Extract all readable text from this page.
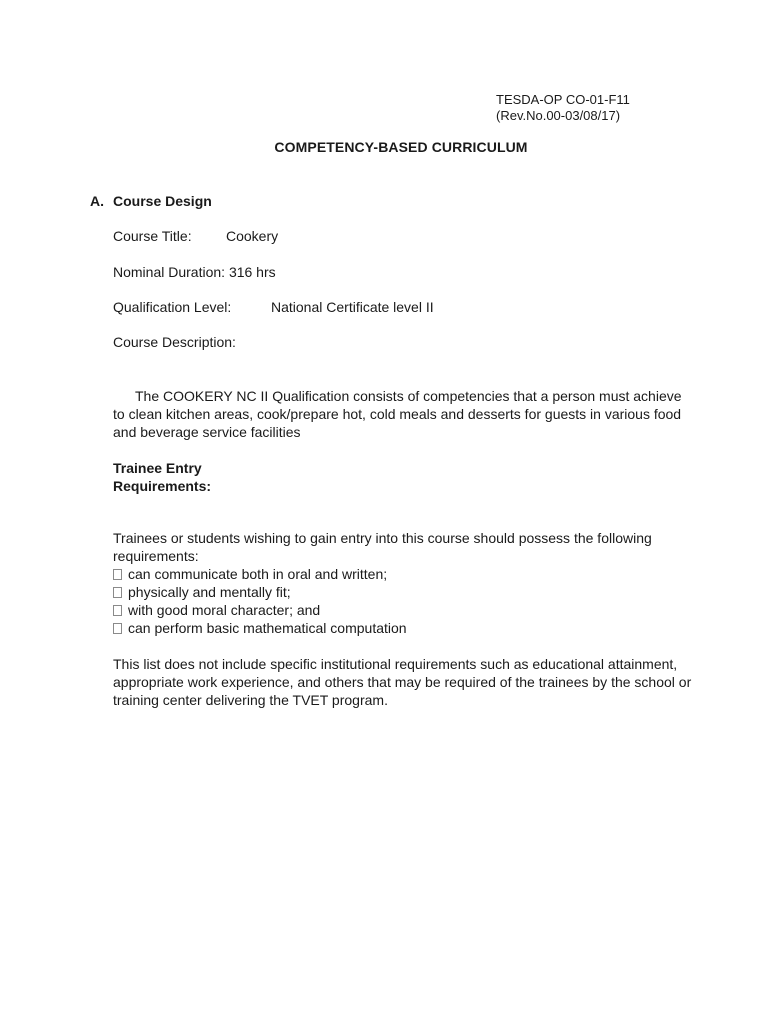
TESDA-OP CO-01-F11
(Rev.No.00-03/08/17)
COMPETENCY-BASED CURRICULUM
A. Course Design
Course Title: Cookery
Nominal Duration: 316 hrs
Qualification Level:	National Certificate level II
Course Description:
The COOKERY NC II Qualification consists of competencies that a person must achieve to clean kitchen areas, cook/prepare hot, cold meals and desserts for guests in various food and beverage service facilities
Trainee Entry
Requirements:
Trainees or students wishing to gain entry into this course should possess the following requirements:
can communicate both in oral and written;
physically and mentally fit;
with good moral character; and
can perform basic mathematical computation
This list does not include specific institutional requirements such as educational attainment, appropriate work experience, and others that may be required of the trainees by the school or training center delivering the TVET program.
